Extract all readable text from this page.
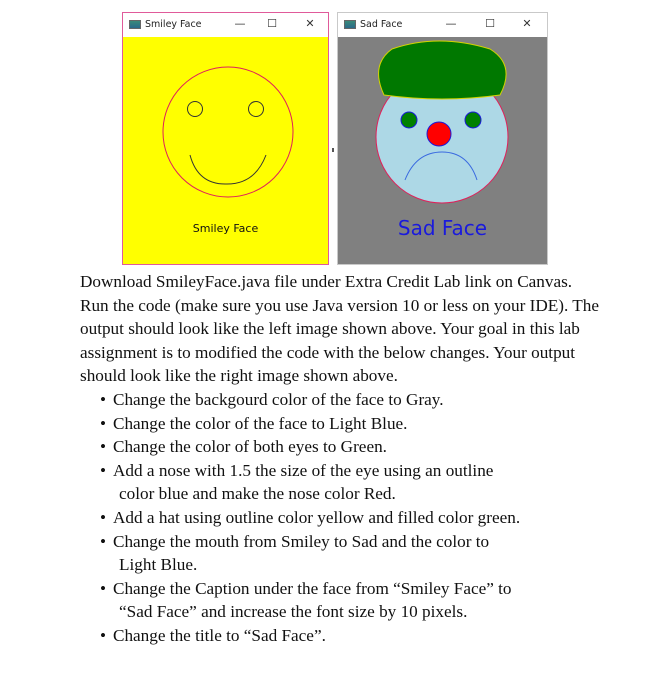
Smiley Face	—	☐	✕
Smiley Face
Sad Face	—	☐	✕
Sad Face

Download SmileyFace.java file under Extra Credit Lab link on Canvas. Run the code (make sure you use Java version 10 or less on your IDE). The output should look like the left image shown above. Your goal in this lab assignment is to modified the code with the below changes. Your output should look like the right image shown above.

• Change the backgourd color of the face to Gray.
• Change the color of the face to Light Blue.
• Change the color of both eyes to Green.
• Add a nose with 1.5 the size of the eye using an outline
color blue and make the nose color Red.
• Add a hat using outline color yellow and filled color green.
• Change the mouth from Smiley to Sad and the color to
Light Blue.
• Change the Caption under the face from “Smiley Face” to
“Sad Face” and increase the font size by 10 pixels.
• Change the title to “Sad Face”.
